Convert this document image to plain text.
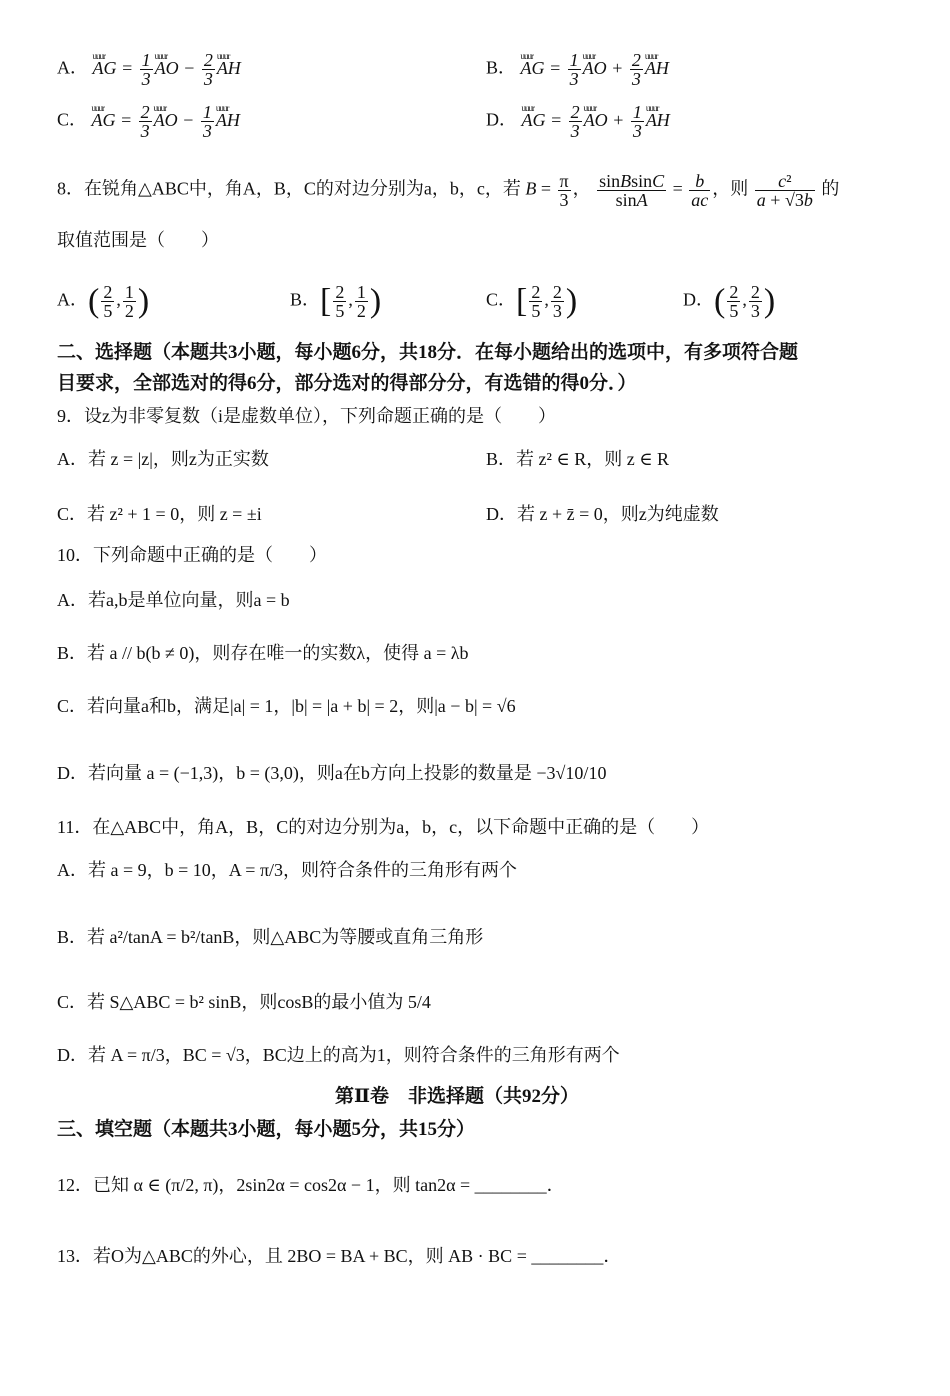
A． uuur AG = $\frac{1}{3}$ uuur AO − $\frac{2}{3}$ uuur AH	B． uuur AG = $\frac{1}{3}$ uuur AO + $\frac{2}{3}$ uuur AH
C． uuur AG = $\frac{2}{3}$ uuur AO − $\frac{1}{3}$ uuur AH	D． uuur AG = $\frac{2}{3}$ uuur AO + $\frac{1}{3}$ uuur AH
8．在锐角△ABC中，角A，B，C的对边分别为a，b，c，若 $B = \frac{\pi}{3}$ ， $\frac{\text{sinBsinC}}{\sin A} = \frac{b}{ac}$ ，则 $\frac{\text{c²}}{a + √3b}$ 的
取值范围是（　　）
A．( $\frac{2}{5}$ , $\frac{1}{2}$ )	B．[ $\frac{2}{5}$ , $\frac{1}{2}$ )	C．[ $\frac{2}{5}$ , $\frac{2}{3}$ )	D．( $\frac{2}{5}$ , $\frac{2}{3}$ )
二、选择题（本题共3小题，每小题6分，共18分．在每小题给出的选项中，有多项符合题
目要求，全部选对的得6分，部分选对的得部分分，有选错的得0分．）
9．设z为非零复数（i是虚数单位），下列命题正确的是（　　）
A．若 z = |z|，则z为正实数	B．若 z² ∈ R，则 z ∈ R
C．若 z² + 1 = 0，则 z = ±i	D．若 z + z̄ = 0，则z为纯虚数
10．下列命题中正确的是（　　）
A．若a,b是单位向量，则a = b
B．若 a // b(b ≠ 0)，则存在唯一的实数λ，使得 a = λb
C．若向量a和b，满足|a| = 1，|b| = |a + b| = 2，则|a − b| = √6
D．若向量 a = (−1,3)，b = (3,0)，则a在b方向上投影的数量是 −3√10/10
11．在△ABC中，角A，B，C的对边分别为a，b，c，以下命题中正确的是（　　）
A．若 a = 9，b = 10，A = π/3，则符合条件的三角形有两个
B．若 a²/tanA = b²/tanB，则△ABC为等腰或直角三角形
C．若 S△ABC = b² sinB，则cosB的最小值为 5/4
D．若 A = π/3，BC = √3，BC边上的高为1，则符合条件的三角形有两个
第Ⅱ卷　非选择题（共92分）
三、填空题（本题共3小题，每小题5分，共15分）
12．已知 α ∈ (π/2, π)，2sin2α = cos2α − 1，则 tan2α = ________．
13．若O为△ABC的外心，且 2BO = BA + BC，则 AB · BC = ________．
